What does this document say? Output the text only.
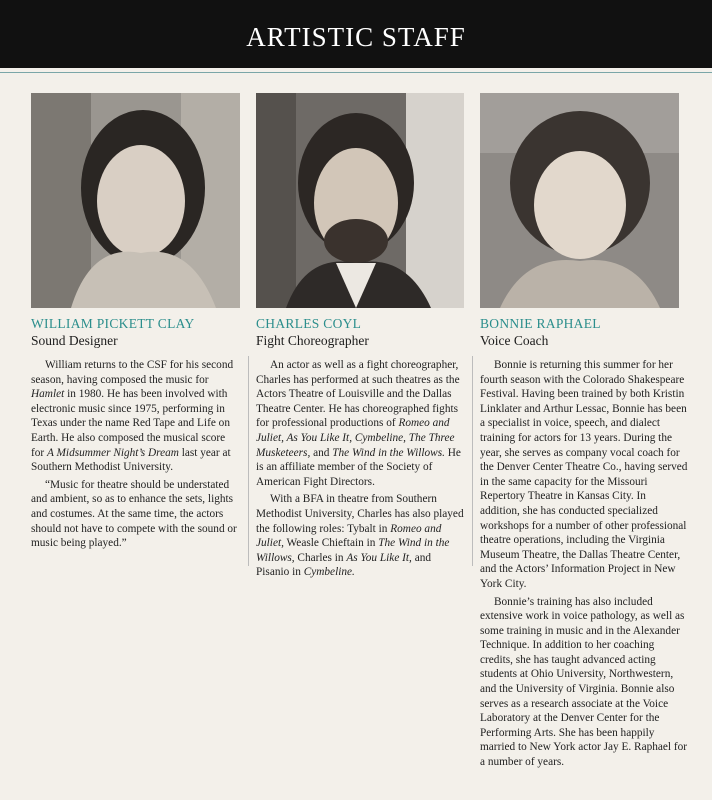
ARTISTIC STAFF
WILLIAM PICKETT CLAY
Sound Designer

William returns to the CSF for his second season, having composed the music for Hamlet in 1980. He has been involved with electronic music since 1975, performing in Texas under the name Red Tape and Life on Earth. He also composed the musical score for A Midsummer Night’s Dream last year at Southern Methodist University.

“Music for theatre should be understated and ambient, so as to enhance the sets, lights and costumes. At the same time, the actors should not have to compete with the sound or music being played.”

CHARLES COYL
Fight Choreographer

An actor as well as a fight choreographer, Charles has performed at such theatres as the Actors Theatre of Louisville and the Dallas Theatre Center. He has choreographed fights for professional productions of Romeo and Juliet, As You Like It, Cymbeline, The Three Musketeers, and The Wind in the Willows. He is an affiliate member of the Society of American Fight Directors.

With a BFA in theatre from Southern Methodist University, Charles has also played the following roles: Tybalt in Romeo and Juliet, Weasle Chieftain in The Wind in the Willows, Charles in As You Like It, and Pisanio in Cymbeline.

BONNIE RAPHAEL
Voice Coach

Bonnie is returning this summer for her fourth season with the Colorado Shakespeare Festival. Having been trained by both Kristin Linklater and Arthur Lessac, Bonnie has been a specialist in voice, speech, and dialect training for actors for 13 years. During the year, she serves as company vocal coach for the Denver Center Theatre Co., having served in the same capacity for the Missouri Repertory Theatre in Kansas City. In addition, she has conducted specialized workshops for a number of other professional theatre operations, including the Virginia Museum Theatre, the Dallas Theatre Center, and the Actors’ Information Project in New York City.

Bonnie’s training has also included extensive work in voice pathology, as well as some training in music and in the Alexander Technique. In addition to her coaching credits, she has taught advanced acting students at Ohio University, Northwestern, and the University of Virginia. Bonnie also serves as a research associate at the Voice Laboratory at the Denver Center for the Performing Arts. She has been happily married to New York actor Jay E. Raphael for a number of years.
